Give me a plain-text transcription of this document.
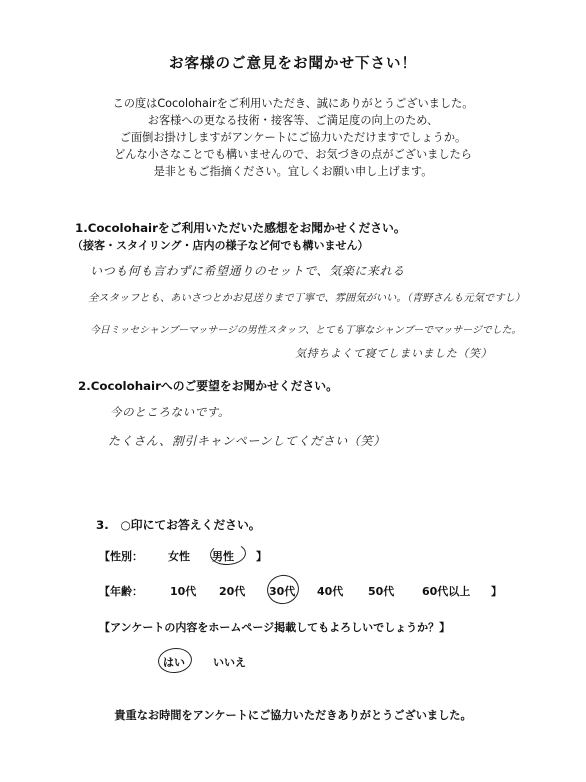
お客様のご意見をお聞かせ下さい！
この度はCocolohairをご利用いただき、誠にありがとうございました。
お客様への更なる技術・接客等、ご満足度の向上のため、
ご面倒お掛けしますがアンケートにご協力いただけますでしょうか。
どんな小さなことでも構いませんので、お気づきの点がございましたら
是非ともご指摘ください。宜しくお願い申し上げます。
1.Cocolohairをご利用いただいた感想をお聞かせください。
（接客・スタイリング・店内の様子など何でも構いません）
いつも何も言わずに希望通りのセットで、気楽に来れる
全スタッフとも、あいさつとかお見送りまで丁寧で、雰囲気がいい。（青野さんも元気ですし）
今日ミッセシャンプーマッサージの男性スタッフ、とても丁寧なシャンプーでマッサージでした。
気持ちよくて寝てしまいました（笑）
2.Cocolohairへのご要望をお聞かせください。
今のところないです。
たくさん、割引キャンペーンしてください（笑）
3.　○印にてお答えください。
【性別： 女性 男性 】
【年齢： 10代 20代 30代 40代 50代	60代以上 】
【アンケートの内容をホームページ掲載してもよろしいでしょうか？】
はい	いいえ
貴重なお時間をアンケートにご協力いただきありがとうございました。
